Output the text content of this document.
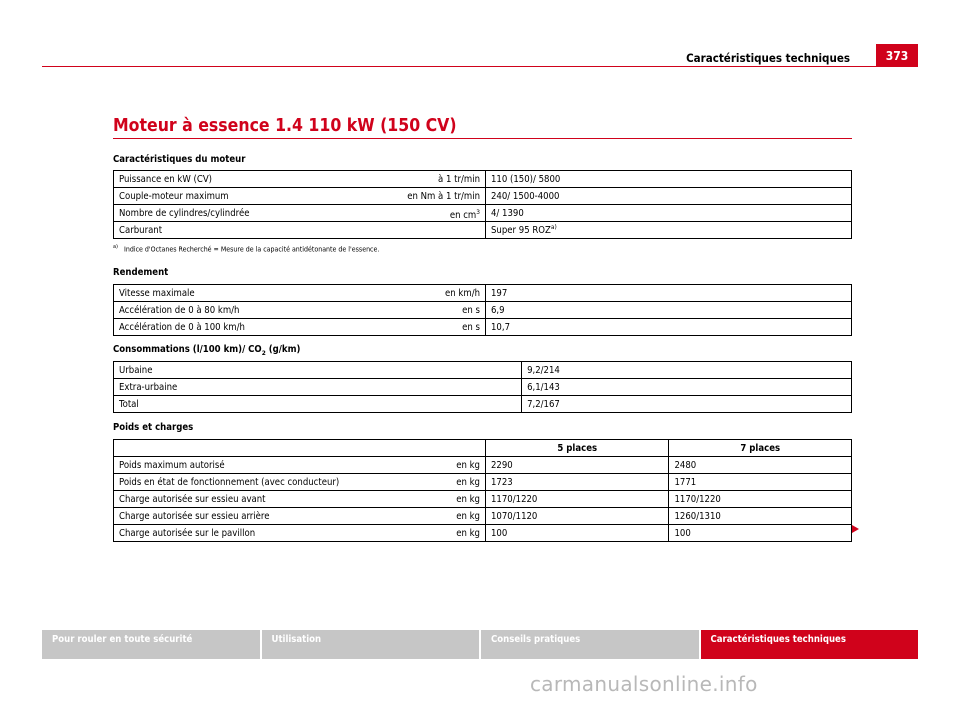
Caractéristiques techniques	373
Moteur à essence 1.4 110 kW (150 CV)
Caractéristiques du moteur
Puissance en kW (CV) à 1 tr/min	110 (150)/ 5800
Couple-moteur maximum en Nm à 1 tr/min	240/ 1500-4000
Nombre de cylindres/cylindrée en $cm^3$	4/ 1390
Carburant	Super 95 ROZ$^{a)}$
$^{a)}$ Indice d'Octanes Recherché = Mesure de la capacité antidétonante de l'essence.
Rendement
Vitesse maximale en km/h	197
Accélération de 0 à 80 km/h en s	6,9
Accélération de 0 à 100 km/h en s	10,7
Consommations (l/100 km)/ $CO_2$ (g/km)
Urbaine	9,2/214
Extra-urbaine	6,1/143
Total	7,2/167
Poids et charges
	5 places	7 places
Poids maximum autorisé en kg	2290	2480
Poids en état de fonctionnement (avec conducteur) en kg	1723	1771
Charge autorisée sur essieu avant en kg	1170/1220	1170/1220
Charge autorisée sur essieu arrière en kg	1070/1120	1260/1310
Charge autorisée sur le pavillon en kg	100	100
Pour rouler en toute sécurité	Utilisation	Conseils pratiques	Caractéristiques techniques
carmanualsonline.info
